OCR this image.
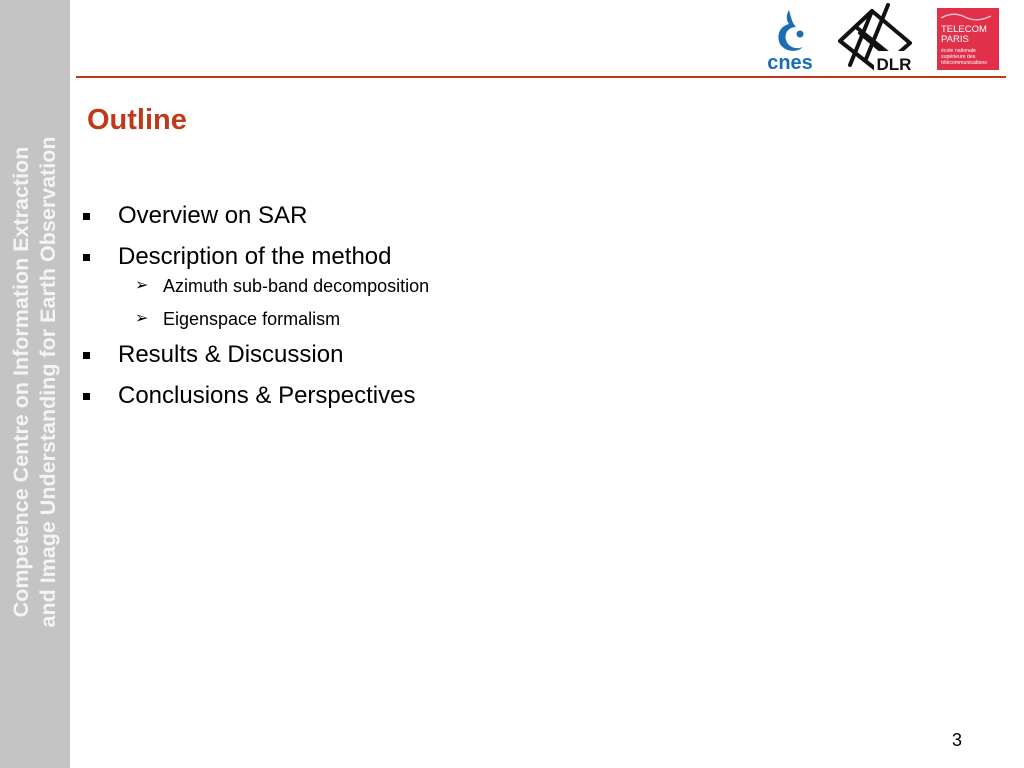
Competence Centre on Information Extraction and Image Understanding for Earth Observation
cnes	DLR
TELECOM
PARIS
école nationale
supérieure des
télécommunications
Outline
Overview on SAR
Description of the method
➢ Azimuth sub-band decomposition
➢ Eigenspace formalism
Results & Discussion
Conclusions & Perspectives
3
